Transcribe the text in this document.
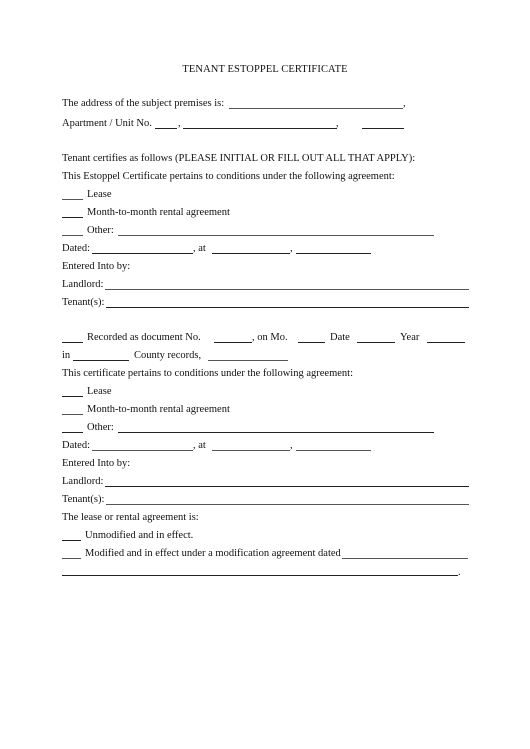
TENANT ESTOPPEL CERTIFICATE
The address of the subject premises is:	,
Apartment / Unit No. ,	,
Tenant certifies as follows (PLEASE INITIAL OR FILL OUT ALL THAT APPLY):
This Estoppel Certificate pertains to conditions under the following agreement:
Lease
Month-to-month rental agreement
Other:
Dated:	, at	,
Entered Into by:
Landlord:
Tenant(s):
Recorded as document No.	, on Mo.	Date	Year
in	County records,
This certificate pertains to conditions under the following agreement:
Lease
Month-to-month rental agreement
Other:
Dated:	, at	,
Entered Into by:
Landlord:
Tenant(s):
The lease or rental agreement is:
Unmodified and in effect.
Modified and in effect under a modification agreement dated
.
